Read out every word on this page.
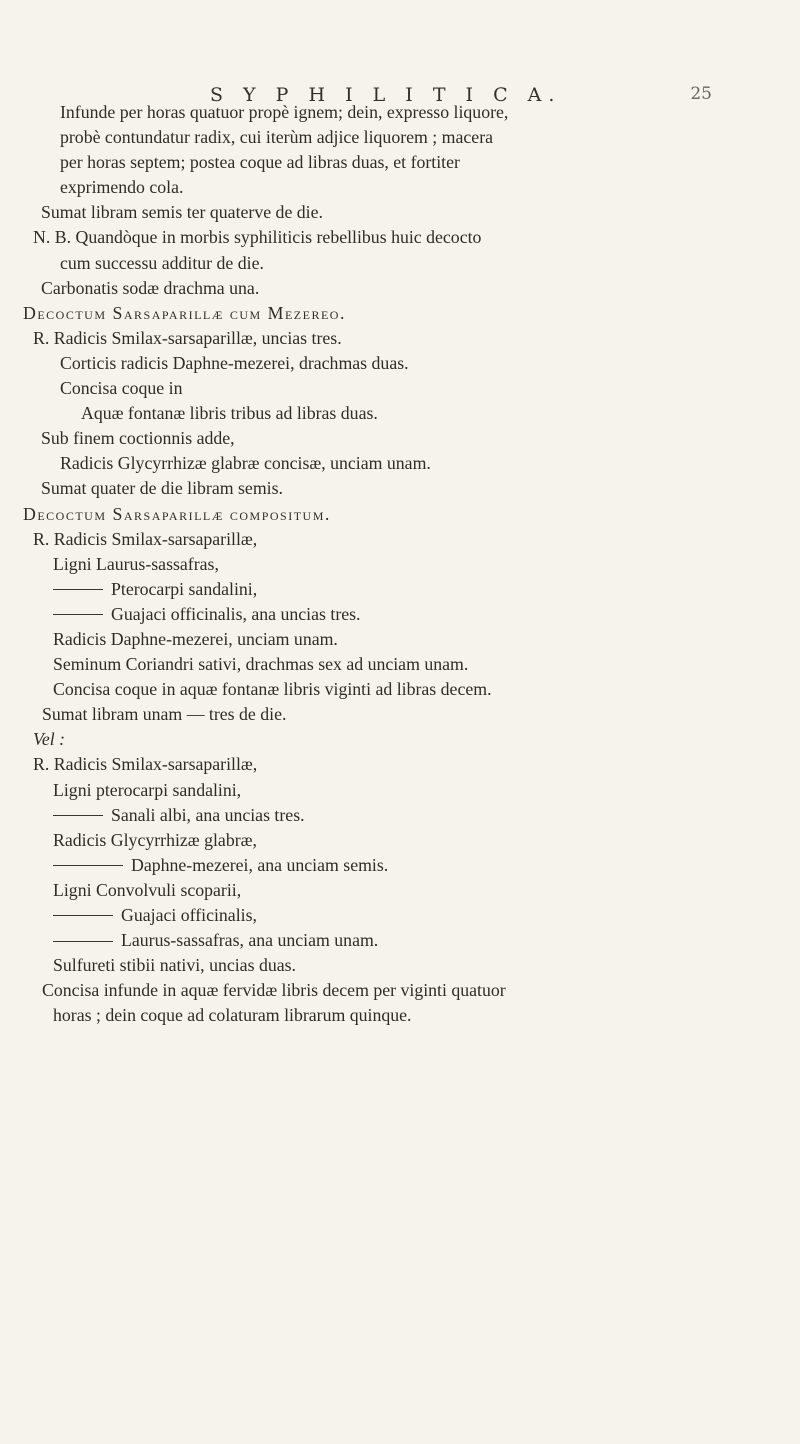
S Y P H I L I T I C A.	25
Infunde per horas quatuor propè ignem; dein, expresso liquore,
probè contundatur radix, cui iterùm adjice liquorem ; macera
per horas septem; postea coque ad libras duas, et fortiter
exprimendo cola.
Sumat libram semis ter quaterve de die.
N. B. Quandòque in morbis syphiliticis rebellibus huic decocto
cum successu additur de die.
Carbonatis sodæ drachma una.
Decoctum Sarsaparillæ cum Mezereo.
R. Radicis Smilax-sarsaparillæ, uncias tres.
Corticis radicis Daphne-mezerei, drachmas duas.
Concisa coque in
Aquæ fontanæ libris tribus ad libras duas.
Sub finem coctionnis adde,
Radicis Glycyrrhizæ glabræ concisæ, unciam unam.
Sumat quater de die libram semis.
Decoctum Sarsaparillæ compositum.
R. Radicis Smilax-sarsaparillæ,
Ligni Laurus-sassafras,
Pterocarpi sandalini,
Guajaci officinalis, ana uncias tres.
Radicis Daphne-mezerei, unciam unam.
Seminum Coriandri sativi, drachmas sex ad unciam unam.
Concisa coque in aquæ fontanæ libris viginti ad libras decem.
Sumat libram unam — tres de die.
Vel :
R. Radicis Smilax-sarsaparillæ,
Ligni pterocarpi sandalini,
Sanali albi, ana uncias tres.
Radicis Glycyrrhizæ glabræ,
Daphne-mezerei, ana unciam semis.
Ligni Convolvuli scoparii,
Guajaci officinalis,
Laurus-sassafras, ana unciam unam.
Sulfureti stibii nativi, uncias duas.
Concisa infunde in aquæ fervidæ libris decem per viginti quatuor
horas ; dein coque ad colaturam librarum quinque.
